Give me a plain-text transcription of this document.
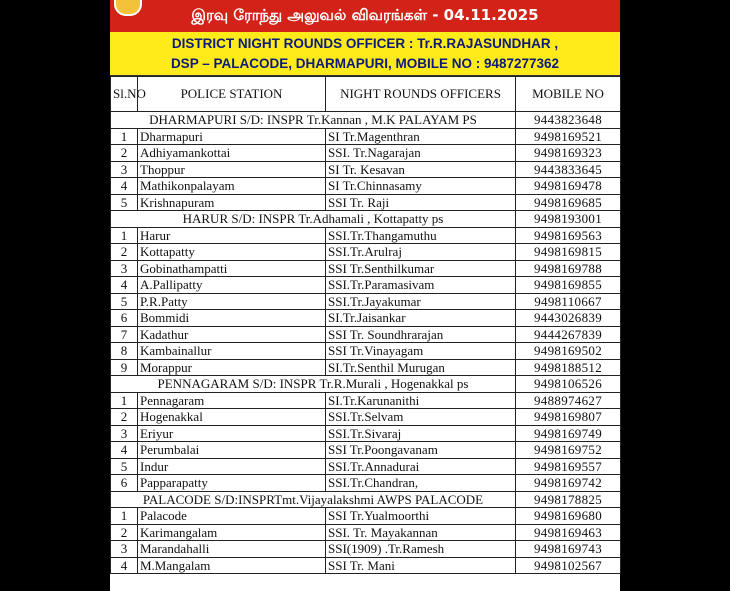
இரவு ரோந்து அலுவல் விவரங்கள் - 04.11.2025
DISTRICT NIGHT ROUNDS OFFICER : Tr.R.RAJASUNDHAR ,
DSP – PALACODE, DHARMAPURI, MOBILE NO : 9487277362
Sl.NO	POLICE STATION	NIGHT ROUNDS OFFICERS	MOBILE NO
DHARMAPURI S/D: INSPR Tr.Kannan , M.K PALAYAM PS			9443823648
1	Dharmapuri	SI Tr.Magenthran	9498169521
2	Adhiyamankottai	SSI. Tr.Nagarajan	9498169323
3	Thoppur	SI Tr. Kesavan	9443833645
4	Mathikonpalayam	SI Tr.Chinnasamy	9498169478
5	Krishnapuram	SSI Tr. Raji	9498169685
HARUR S/D: INSPR Tr.Adhamali , Kottapatty ps			9498193001
1	Harur	SSI.Tr.Thangamuthu	9498169563
2	Kottapatty	SSI.Tr.Arulraj	9498169815
3	Gobinathampatti	SSI Tr.Senthilkumar	9498169788
4	A.Pallipatty	SSI.Tr.Paramasivam	9498169855
5	P.R.Patty	SSI.Tr.Jayakumar	9498110667
6	Bommidi	SI.Tr.Jaisankar	9443026839
7	Kadathur	SSI Tr. Soundhrarajan	9444267839
8	Kambainallur	SSI Tr.Vinayagam	9498169502
9	Morappur	SI.Tr.Senthil Murugan	9498188512
PENNAGARAM S/D: INSPR Tr.R.Murali , Hogenakkal ps			9498106526
1	Pennagaram	SI.Tr.Karunanithi	9488974627
2	Hogenakkal	SSI.Tr.Selvam	9498169807
3	Eriyur	SSI.Tr.Sivaraj	9498169749
4	Perumbalai	SSI Tr.Poongavanam	9498169752
5	Indur	SSI.Tr.Annadurai	9498169557
6	Papparapatty	SSI.Tr.Chandran,	9498169742
PALACODE S/D:INSPRTmt.Vijayalakshmi AWPS PALACODE			9498178825
1	Palacode	SSI Tr.Yualmoorthi	9498169680
2	Karimangalam	SSI. Tr. Mayakannan	9498169463
3	Marandahalli	SSI(1909) .Tr.Ramesh	9498169743
4	M.Mangalam	SSI Tr. Mani	9498102567
